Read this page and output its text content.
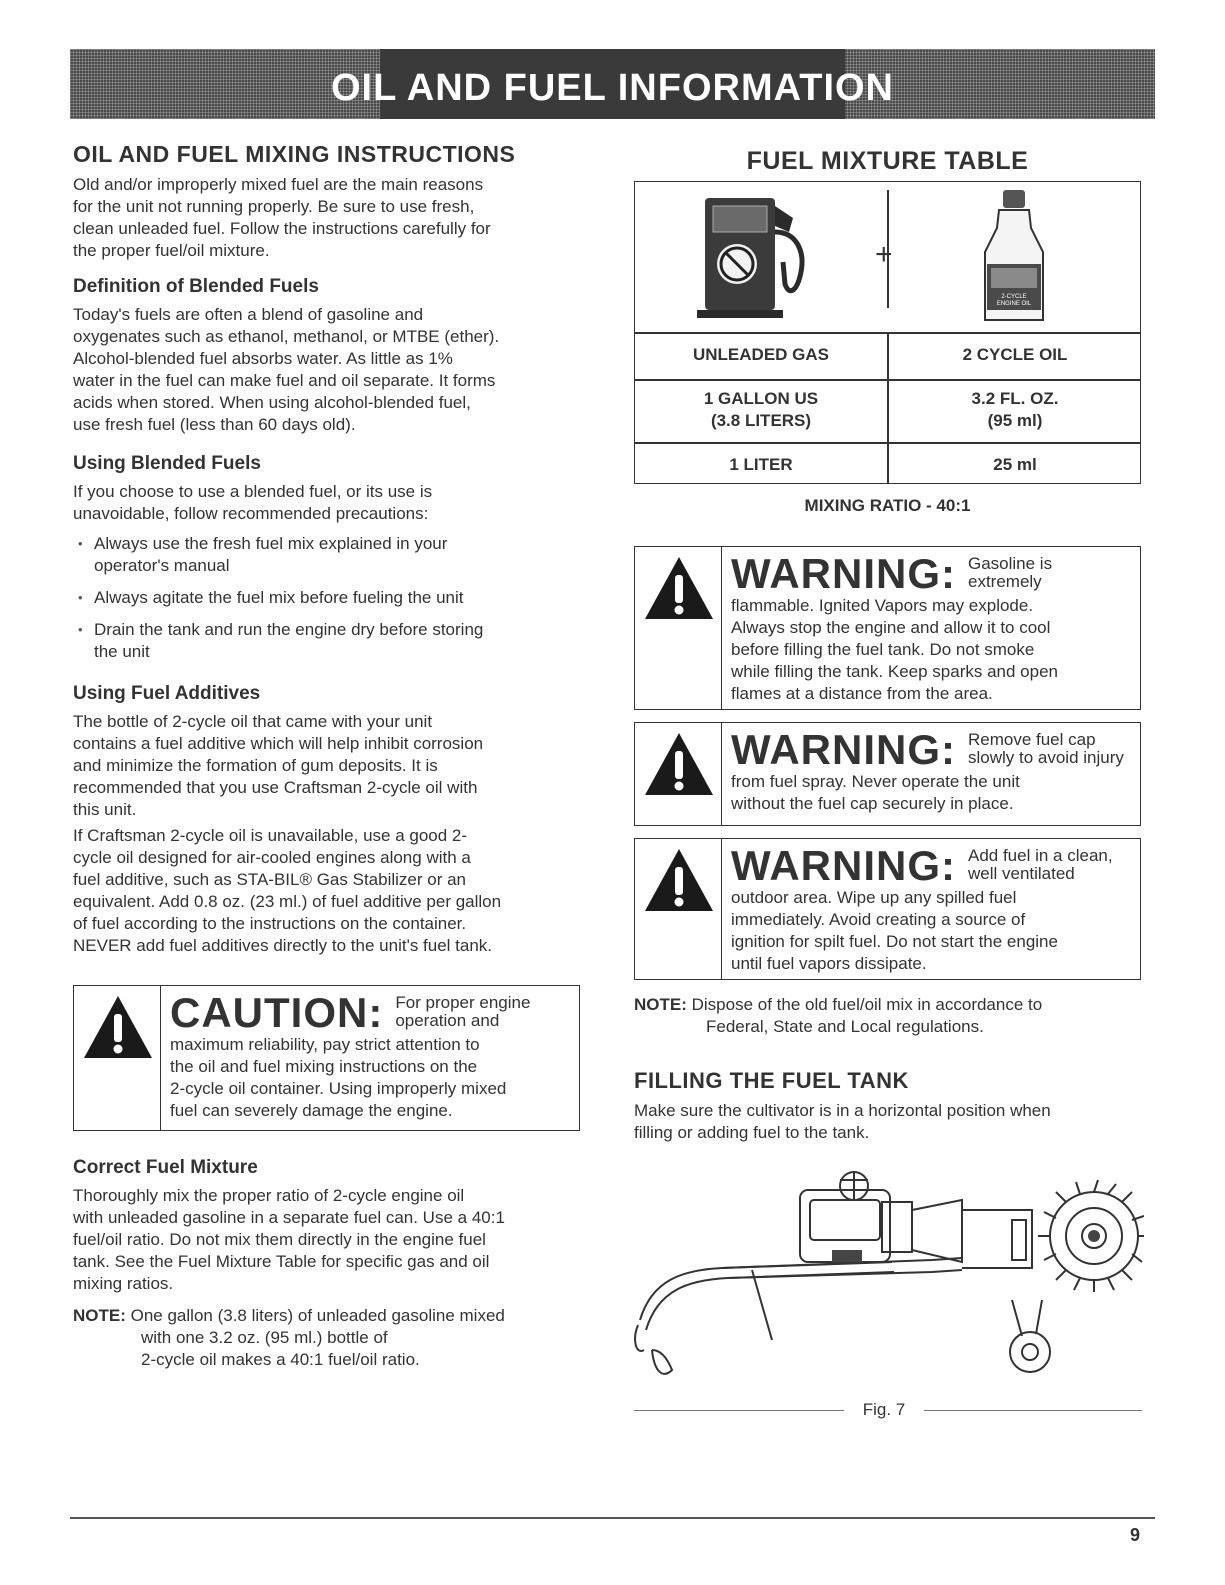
OIL AND FUEL INFORMATION
OIL AND FUEL MIXING INSTRUCTIONS
Old and/or improperly mixed fuel are the main reasons
for the unit not running properly. Be sure to use fresh,
clean unleaded fuel. Follow the instructions carefully for
the proper fuel/oil mixture.
Definition of Blended Fuels
Today's fuels are often a blend of gasoline and
oxygenates such as ethanol, methanol, or MTBE (ether).
Alcohol-blended fuel absorbs water. As little as 1%
water in the fuel can make fuel and oil separate. It forms
acids when stored. When using alcohol-blended fuel,
use fresh fuel (less than 60 days old).
Using Blended Fuels
If you choose to use a blended fuel, or its use is
unavoidable, follow recommended precautions:
• Always use the fresh fuel mix explained in your
operator's manual
• Always agitate the fuel mix before fueling the unit
• Drain the tank and run the engine dry before storing
the unit
Using Fuel Additives
The bottle of 2-cycle oil that came with your unit
contains a fuel additive which will help inhibit corrosion
and minimize the formation of gum deposits. It is
recommended that you use Craftsman 2-cycle oil with
this unit.
If Craftsman 2-cycle oil is unavailable, use a good 2-
cycle oil designed for air-cooled engines along with a
fuel additive, such as STA-BIL® Gas Stabilizer or an
equivalent. Add 0.8 oz. (23 ml.) of fuel additive per gallon
of fuel according to the instructions on the container.
NEVER add fuel additives directly to the unit's fuel tank.
CAUTION: For proper engine
operation and
maximum reliability, pay strict attention to
the oil and fuel mixing instructions on the
2-cycle oil container. Using improperly mixed
fuel can severely damage the engine.
Correct Fuel Mixture
Thoroughly mix the proper ratio of 2-cycle engine oil
with unleaded gasoline in a separate fuel can. Use a 40:1
fuel/oil ratio. Do not mix them directly in the engine fuel
tank. See the Fuel Mixture Table for specific gas and oil
mixing ratios.
NOTE: One gallon (3.8 liters) of unleaded gasoline mixed
with one 3.2 oz. (95 ml.) bottle of
2-cycle oil makes a 40:1 fuel/oil ratio.
FUEL MIXTURE TABLE
+
2-CYCLE
ENGINE OIL
UNLEADED GAS	2 CYCLE OIL
1 GALLON US
(3.8 LITERS)
3.2 FL. OZ.
(95 ml)
1 LITER	25 ml
MIXING RATIO - 40:1
WARNING: Gasoline is
extremely
flammable. Ignited Vapors may explode.
Always stop the engine and allow it to cool
before filling the fuel tank. Do not smoke
while filling the tank. Keep sparks and open
flames at a distance from the area.
WARNING: Remove fuel cap
slowly to avoid injury
from fuel spray. Never operate the unit
without the fuel cap securely in place.
WARNING: Add fuel in a clean,
well ventilated
outdoor area. Wipe up any spilled fuel
immediately. Avoid creating a source of
ignition for spilt fuel. Do not start the engine
until fuel vapors dissipate.
NOTE: Dispose of the old fuel/oil mix in accordance to
Federal, State and Local regulations.
FILLING THE FUEL TANK
Make sure the cultivator is in a horizontal position when
filling or adding fuel to the tank.
Fig. 7
9
